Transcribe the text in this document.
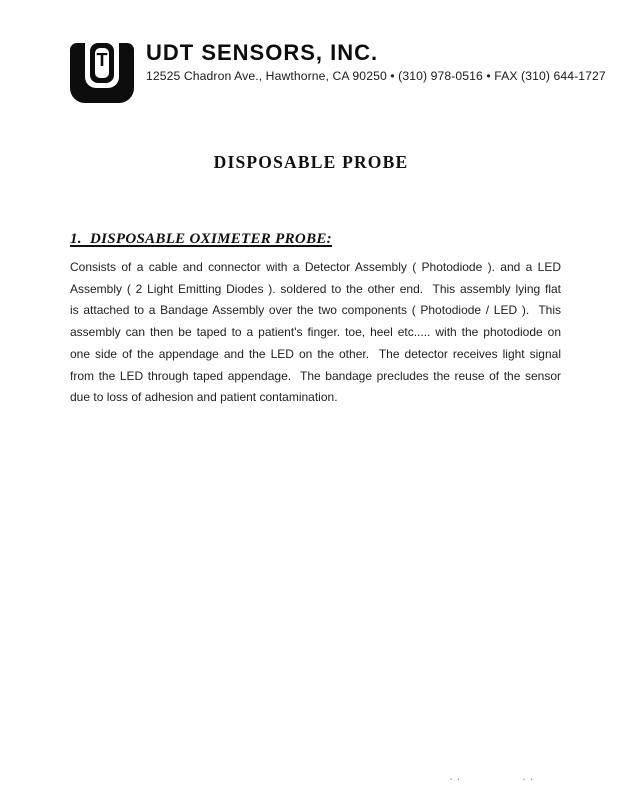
T UDT SENSORS, INC.
12525 Chadron Ave., Hawthorne, CA 90250 • (310) 978-0516 • FAX (310) 644-1727
DISPOSABLE PROBE
1.  DISPOSABLE OXIMETER PROBE:
Consists of a cable and connector with a Detector Assembly ( Photodiode ). and a LED
Assembly ( 2 Light Emitting Diodes ). soldered to the other end.  This assembly lying flat
is attached to a Bandage Assembly over the two components ( Photodiode / LED ).  This
assembly can then be taped to a patient's finger. toe, heel etc..... with the photodiode on
one side of the appendage and the LED on the other.  The detector receives light signal
from the LED through taped appendage.  The bandage precludes the reuse of the sensor
due to loss of adhesion and patient contamination.
..	..
